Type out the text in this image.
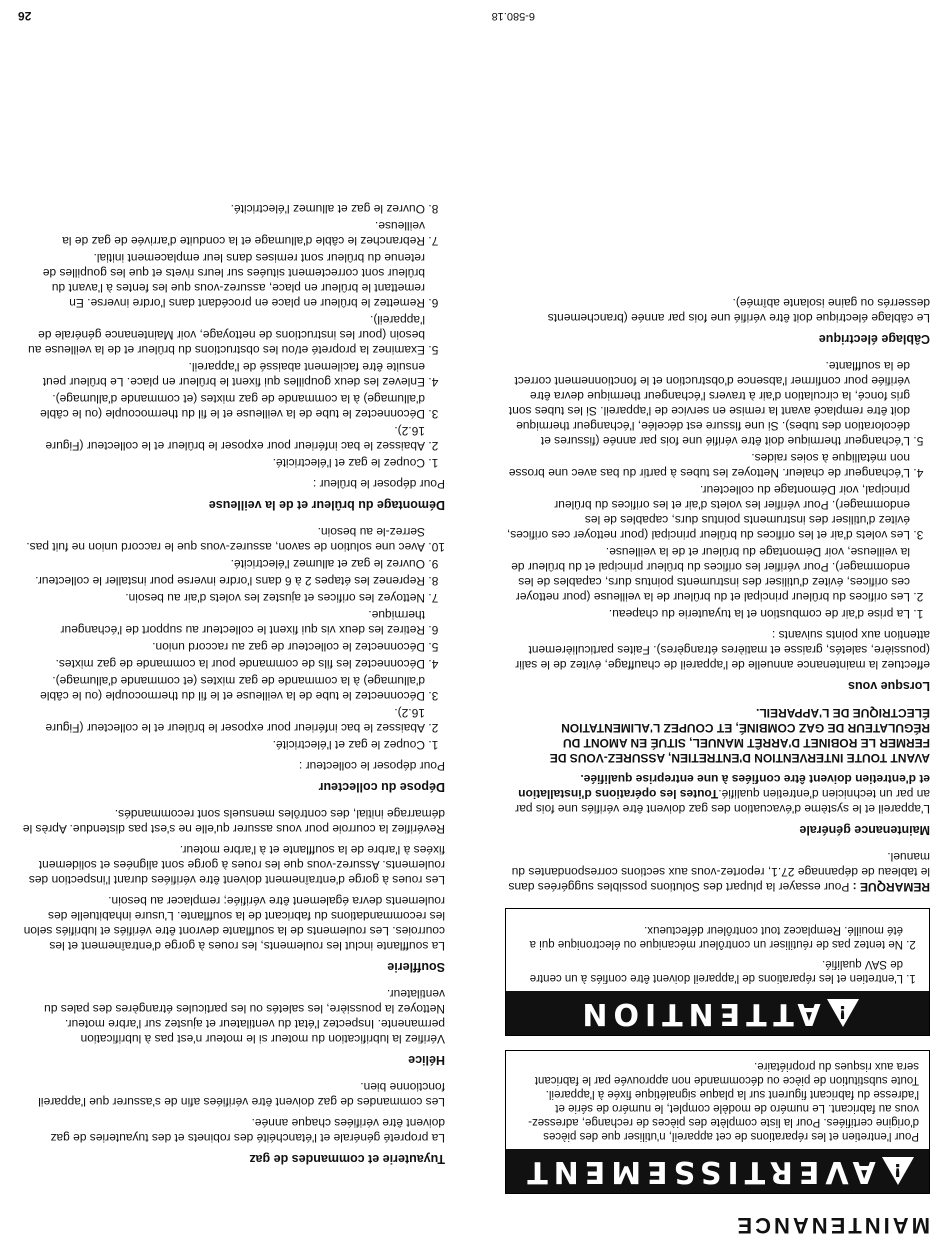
MAINTENANCE
!
AVERTISSEMENT
Pour l'entretien et les réparations de cet appareil, n'utiliser que des pièces d'origine certifiées. Pour la liste complète des pièces de rechange, adressez-vous au fabricant. Le numéro de modèle complet, le numéro de série et l'adresse du fabricant figurent sur la plaque signalétique fixée à l'appareil. Toute substitution de pièce ou décommande non approuvée par le fabricant sera aux risques du propriétaire.
!
ATTENTION
1. L'entretien et les réparations de l'appareil doivent être confiés à un centre de SAV qualifié.
2. Ne tentez pas de réutiliser un contrôleur mécanique ou électronique qui a été mouillé. Remplacez tout contrôleur défectueux.

REMARQUE : Pour essayer la plupart des Solutions possibles suggérées dans le tableau de dépannage 27.1, reportez-vous aux sections correspondantes du manuel.

Maintenance générale

L'appareil et le système d'évacuation des gaz doivent être vérifiés une fois par an par un technicien d'entretien qualifié.Toutes les opérations d'installation et d'entretien doivent être confiées à une entreprise qualifiée.

AVANT TOUTE INTERVENTION D'ENTRETIEN, ASSUREZ-VOUS DE FERMER LE ROBINET D'ARRÊT MANUEL, SITUÉ EN AMONT DU RÉGULATEUR DE GAZ COMBINÉ, ET COUPEZ L'ALIMENTATION ÉLECTRIQUE DE L'APPAREIL.

Lorsque vous

effectuez la maintenance annuelle de l'appareil de chauffage, évitez de le salir (poussière, saletés, graisse et matières étrangères). Faites particulièrement attention aux points suivants :

1. La prise d'air de combustion et la tuyauterie du chapeau.
2. Les orifices du brûleur principal et du brûleur de la veilleuse (pour nettoyer ces orifices, évitez d'utiliser des instruments pointus durs, capables de les endommager). Pour vérifier les orifices du brûleur principal et du brûleur de la veilleuse, voir Démontage du brûleur et de la veilleuse.
3. Les volets d'air et les orifices du brûleur principal (pour nettoyer ces orifices, évitez d'utiliser des instruments pointus durs, capables de les endommager). Pour vérifier les volets d'air et les orifices du brûleur principal, voir Démontage du collecteur.
4. L'échangeur de chaleur. Nettoyez les tubes à partir du bas avec une brosse non métallique à soies raides.
5. L'échangeur thermique doit être vérifié une fois par année (fissures et décoloration des tubes). Si une fissure est décelée, l'échangeur thermique doit être remplacé avant la remise en service de l'appareil. Si les tubes sont gris foncé, la circulation d'air à travers l'échangeur thermique devra être vérifiée pour confirmer l'absence d'obstruction et le fonctionnement correct de la soufflante.
Câblage électrique

Le câblage électrique doit être vérifié une fois par année (branchements desserrés ou gaine isolante abîmée).

Tuyauterie et commandes de gaz

La propreté générale et l'étanchéité des robinets et des tuyauteries de gaz doivent être vérifiées chaque année.

Les commandes de gaz doivent être vérifiées afin de s'assurer que l'appareil fonctionne bien.

Hélice

Vérifiez la lubrification du moteur si le moteur n'est pas à lubrification permanente. Inspectez l'état du ventilateur et ajustez sur l'arbre moteur. Nettoyez la poussière, les saletés ou les particules étrangères des pales du ventilateur.

Soufflerie

La soufflante inclut les roulements, les roues à gorge d'entraînement et les courroies. Les roulements de la soufflante devront être vérifiés et lubrifiés selon les recommandations du fabricant de la soufflante. L'usure inhabituelle des roulements devra également être vérifiée; remplacer au besoin.

Les roues à gorge d'entraînement doivent être vérifiées durant l'inspection des roulements. Assurez-vous que les roues à gorge sont alignées et solidement fixées à l'arbre de la soufflante et à l'arbre moteur.

Revérifiez la courroie pour vous assurer qu'elle ne s'est pas distendue. Après le démarrage initial, des contrôles mensuels sont recommandés.

Dépose du collecteur

Pour déposer le collecteur :

1. Coupez le gaz et l'électricité.
2. Abaissez le bac inférieur pour exposer le brûleur et le collecteur (Figure 16.2).
3. Déconnectez le tube de la veilleuse et le fil du thermocouple (ou le câble d'allumage) à la commande de gaz mixtes (et commande d'allumage).
4. Déconnectez les fils de commande pour la commande de gaz mixtes.
5. Déconnectez le collecteur de gaz au raccord union.
6. Retirez les deux vis qui fixent le collecteur au support de l'échangeur thermique.
7. Nettoyez les orifices et ajustez les volets d'air au besoin.
8. Reprenez les étapes 2 à 6 dans l'ordre inverse pour installer le collecteur.
9. Ouvrez le gaz et allumez l'électricité.
10. Avec une solution de savon, assurez-vous que le raccord union ne fuit pas. Serrez-le au besoin.
Démontage du brûleur et de la veilleuse

Pour déposer le brûleur :

1. Coupez le gaz et l'électricité.
2. Abaissez le bac inférieur pour exposer le brûleur et le collecteur (Figure 16.2).
3. Déconnectez le tube de la veilleuse et le fil du thermocouple (ou le câble d'allumage) à la commande de gaz mixtes (et commande d'allumage).
4. Enlevez les deux goupilles qui fixent le brûleur en place. Le brûleur peut ensuite être facilement abaissé de l'appareil.
5. Examinez la propreté et/ou les obstructions du brûleur et de la veilleuse au besoin (pour les instructions de nettoyage, voir Maintenance générale de l'appareil).
6. Remettez le brûleur en place en procédant dans l'ordre inverse. En remettant le brûleur en place, assurez-vous que les fentes à l'avant du brûleur sont correctement situées sur leurs rivets et que les goupilles de retenue du brûleur sont remises dans leur emplacement initial.
7. Rebranchez le câble d'allumage et la conduite d'arrivée de gaz de la veilleuse.
8. Ouvrez le gaz et allumez l'électricité.
26	6-580.18
